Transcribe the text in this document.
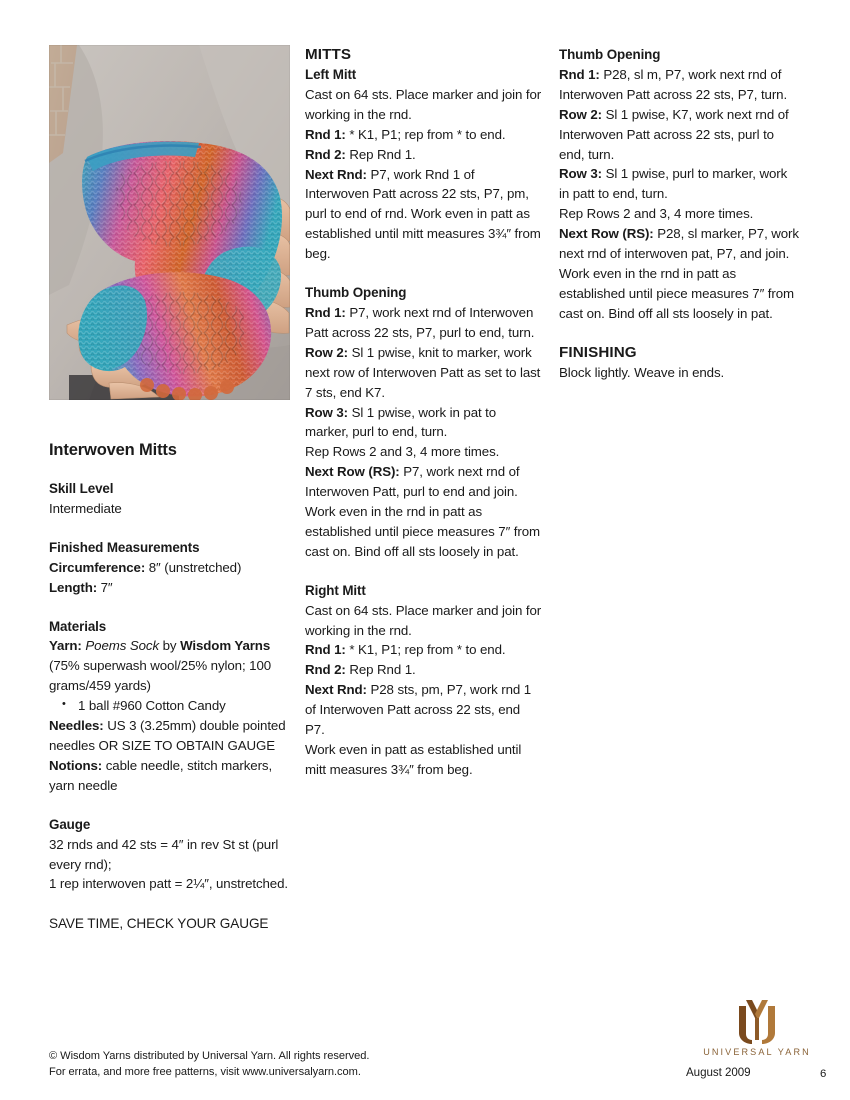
Interwoven Mitts
Skill Level

Intermediate

Finished Measurements

Circumference: 8″ (unstretched)

Length: 7″

Materials

Yarn: Poems Sock by Wisdom Yarns

(75% superwash wool/25% nylon; 100 grams/459 yards)

• 1 ball #960 Cotton Candy

Needles: US 3 (3.25mm) double pointed needles OR SIZE TO OBTAIN GAUGE

Notions: cable needle, stitch markers, yarn needle

Gauge

32 rnds and 42 sts = 4″ in rev St st (purl every rnd);

1 rep interwoven patt = 2¼″, unstretched.

SAVE TIME, CHECK YOUR GAUGE

MITTS
Left Mitt

Cast on 64 sts. Place marker and join for working in the rnd.

Rnd 1: * K1, P1; rep from * to end.

Rnd 2: Rep Rnd 1.

Next Rnd: P7, work Rnd 1 of Interwoven Patt across 22 sts, P7, pm, purl to end of rnd. Work even in patt as established until mitt measures 3¾″ from beg.

Thumb Opening

Rnd 1: P7, work next rnd of Interwoven Patt across 22 sts, P7, purl to end, turn.

Row 2: Sl 1 pwise, knit to marker, work next row of Interwoven Patt as set to last 7 sts, end K7.

Row 3: Sl 1 pwise, work in pat to marker, purl to end, turn.

Rep Rows 2 and 3, 4 more times.

Next Row (RS): P7, work next rnd of Interwoven Patt, purl to end and join.

Work even in the rnd in patt as established until piece measures 7″ from cast on. Bind off all sts loosely in pat.

Right Mitt

Cast on 64 sts. Place marker and join for working in the rnd.

Rnd 1: * K1, P1; rep from * to end.

Rnd 2: Rep Rnd 1.

Next Rnd: P28 sts, pm, P7, work rnd 1 of Interwoven Patt across 22 sts, end P7.

Work even in patt as established until mitt measures 3¾″ from beg.

Thumb Opening

Rnd 1: P28, sl m, P7, work next rnd of Interwoven Patt across 22 sts, P7, turn.

Row 2: Sl 1 pwise, K7, work next rnd of Interwoven Patt across 22 sts, purl to end, turn.

Row 3: Sl 1 pwise, purl to marker, work in patt to end, turn.

Rep Rows 2 and 3, 4 more times.

Next Row (RS): P28, sl marker, P7, work next rnd of interwoven pat, P7, and join.

Work even in the rnd in patt as established until piece measures 7″ from cast on. Bind off all sts loosely in pat.

FINISHING

Block lightly. Weave in ends.

© Wisdom Yarns distributed by Universal Yarn. All rights reserved.
For errata, and more free patterns, visit www.universalyarn.com.
UNIVERSAL YARN
August 2009	6
